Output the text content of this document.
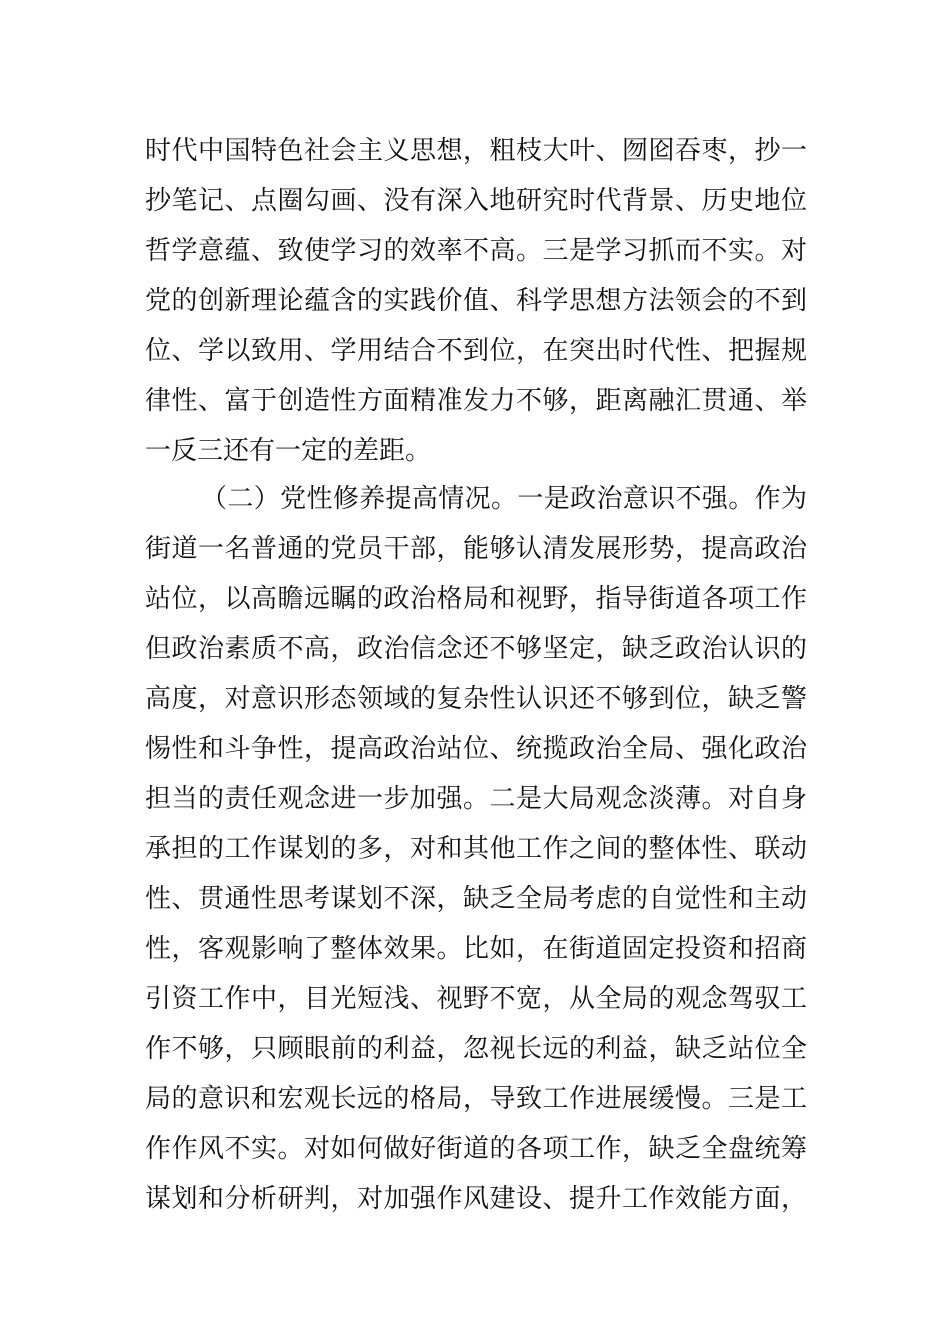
时代中国特色社会主义思想，粗枝大叶、囫囵吞枣，抄一
抄笔记、点圈勾画、没有深入地研究时代背景、历史地位
哲学意蕴、致使学习的效率不高。三是学习抓而不实。对
党的创新理论蕴含的实践价值、科学思想方法领会的不到
位、学以致用、学用结合不到位，在突出时代性、把握规
律性、富于创造性方面精准发力不够，距离融汇贯通、举
一反三还有一定的差距。
（二）党性修养提高情况。一是政治意识不强。作为
街道一名普通的党员干部，能够认清发展形势，提高政治
站位，以高瞻远瞩的政治格局和视野，指导街道各项工作
但政治素质不高，政治信念还不够坚定，缺乏政治认识的
高度，对意识形态领域的复杂性认识还不够到位，缺乏警
惕性和斗争性，提高政治站位、统揽政治全局、强化政治
担当的责任观念进一步加强。二是大局观念淡薄。对自身
承担的工作谋划的多，对和其他工作之间的整体性、联动
性、贯通性思考谋划不深，缺乏全局考虑的自觉性和主动
性，客观影响了整体效果。比如，在街道固定投资和招商
引资工作中，目光短浅、视野不宽，从全局的观念驾驭工
作不够，只顾眼前的利益，忽视长远的利益，缺乏站位全
局的意识和宏观长远的格局，导致工作进展缓慢。三是工
作作风不实。对如何做好街道的各项工作，缺乏全盘统筹
谋划和分析研判，对加强作风建设、提升工作效能方面，
